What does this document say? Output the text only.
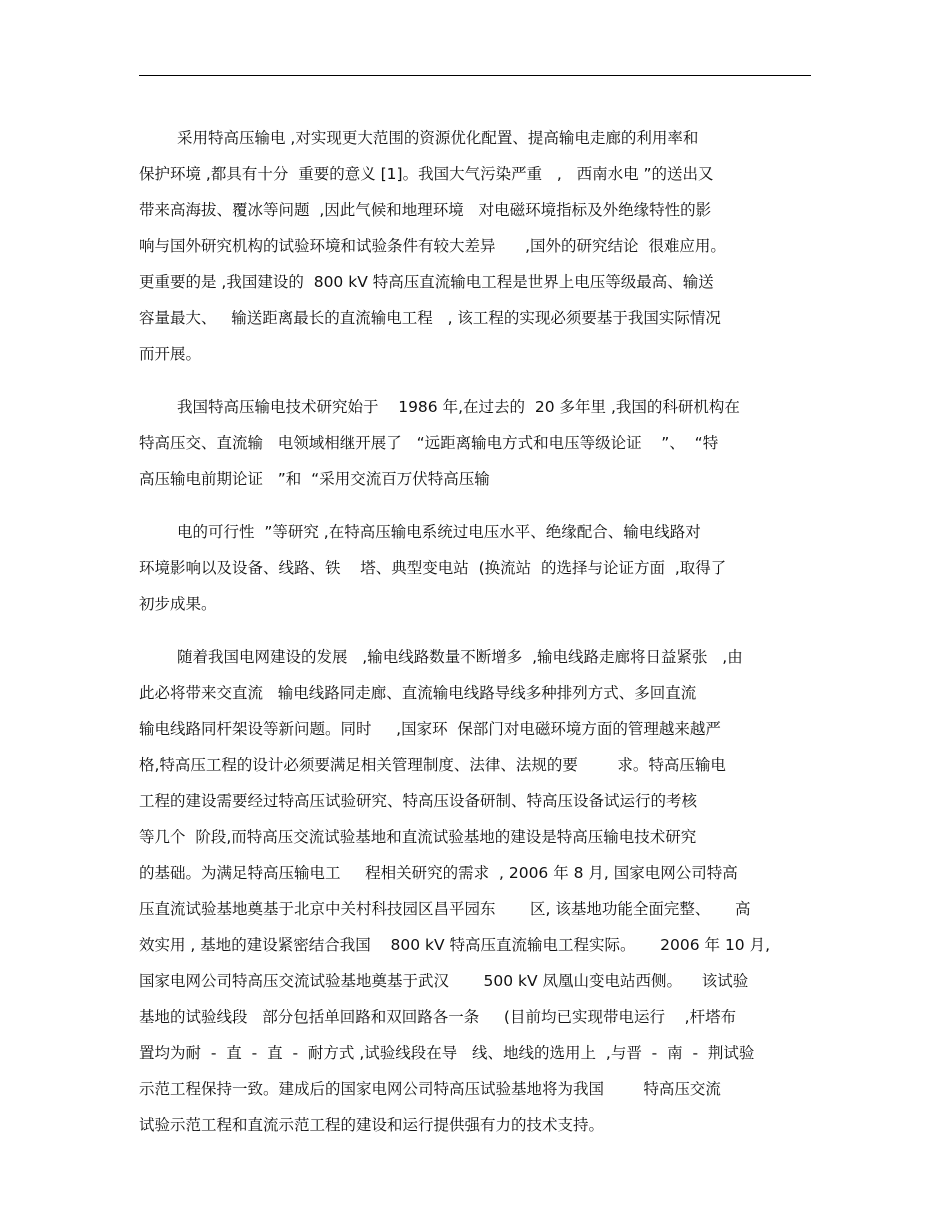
采用特高压输电 ,对实现更大范围的资源优化配置、提高输电走廊的利用率和
保护环境 ,都具有十分  重要的意义 [1]。我国大气污染严重   ,   西南水电 ”的送出又
带来高海拔、覆冰等问题  ,因此气候和地理环境   对电磁环境指标及外绝缘特性的影
响与国外研究机构的试验环境和试验条件有较大差异      ,国外的研究结论  很难应用。
更重要的是 ,我国建设的  800 kV 特高压直流输电工程是世界上电压等级最高、输送
容量最大、   输送距离最长的直流输电工程   , 该工程的实现必须要基于我国实际情况
而开展。

我国特高压输电技术研究始于    1986 年,在过去的  20 多年里 ,我国的科研机构在
特高压交、直流输   电领域相继开展了   “远距离输电方式和电压等级论证    ”、  “特
高压输电前期论证   ”和  “采用交流百万伏特高压输

电的可行性  ”等研究 ,在特高压输电系统过电压水平、绝缘配合、输电线路对
环境影响以及设备、线路、铁    塔、典型变电站  (换流站  的选择与论证方面  ,取得了
初步成果。

随着我国电网建设的发展   ,输电线路数量不断增多  ,输电线路走廊将日益紧张   ,由
此必将带来交直流   输电线路同走廊、直流输电线路导线多种排列方式、多回直流
输电线路同杆架设等新问题。同时     ,国家环  保部门对电磁环境方面的管理越来越严
格,特高压工程的设计必须要满足相关管理制度、法律、法规的要        求。特高压输电
工程的建设需要经过特高压试验研究、特高压设备研制、特高压设备试运行的考核
等几个  阶段,而特高压交流试验基地和直流试验基地的建设是特高压输电技术研究
的基础。为满足特高压输电工     程相关研究的需求  , 2006 年 8 月, 国家电网公司特高
压直流试验基地奠基于北京中关村科技园区昌平园东       区, 该基地功能全面完整、     高
效实用 , 基地的建设紧密结合我国    800 kV 特高压直流输电工程实际。     2006 年 10 月,
国家电网公司特高压交流试验基地奠基于武汉       500 kV 凤凰山变电站西侧。    该试验
基地的试验线段   部分包括单回路和双回路各一条     (目前均已实现带电运行    ,杆塔布
置均为耐  -  直  -  直  -  耐方式 ,试验线段在导   线、地线的选用上  ,与晋  -  南  -  荆试验
示范工程保持一致。建成后的国家电网公司特高压试验基地将为我国        特高压交流
试验示范工程和直流示范工程的建设和运行提供强有力的技术支持。
